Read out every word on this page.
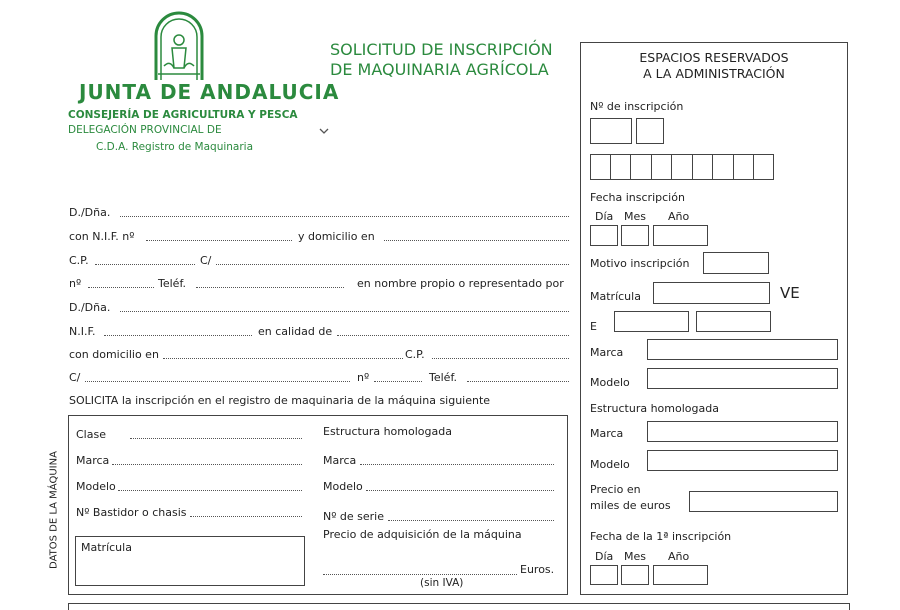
JUNTA DE ANDALUCIA
CONSEJERÍA DE AGRICULTURA Y PESCA
DELEGACIÓN PROVINCIAL DE
C.D.A. Registro de Maquinaria
SOLICITUD DE INSCRIPCIÓN
DE MAQUINARIA AGRÍCOLA
D./Dña.
con N.I.F. nº	y domicilio en
C.P.	C/
nº	Teléf.	en nombre propio o representado por
D./Dña.
N.I.F.	en calidad de
con domicilio en	C.P.
C/	nº	Teléf.
SOLICITA la inscripción en el registro de maquinaria de la máquina siguiente
DATOS DE LA MÁQUINA
Clase
Marca
Modelo
Nº Bastidor o chasis
Matrícula
Estructura homologada
Marca
Modelo
Nº de serie
Precio de adquisición de la máquina
Euros.
(sin IVA)
ESPACIOS RESERVADOS
A LA ADMINISTRACIÓN
Nº de inscripción
Fecha inscripción
Día Mes Año
Motivo inscripción
Matrícula	VE
E
Marca
Modelo
Estructura homologada
Marca
Modelo
Precio en
miles de euros
Fecha de la 1ª inscripción
Día Mes Año
